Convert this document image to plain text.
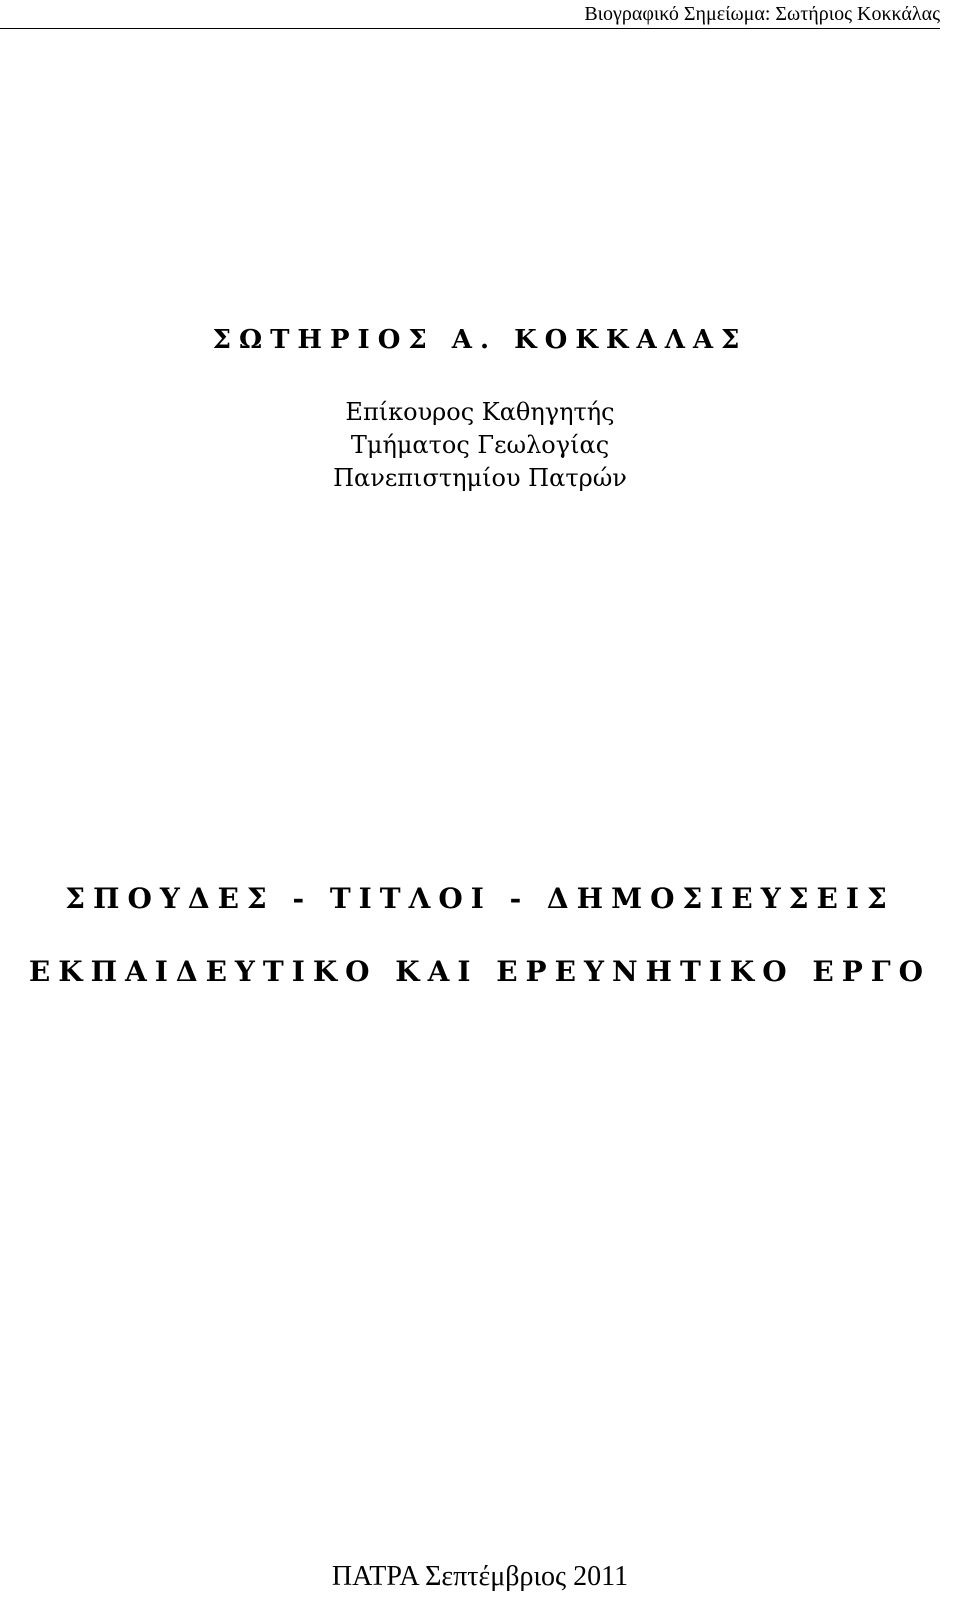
Βιογραφικό Σημείωμα: Σωτήριος Κοκκάλας
ΣΩΤΗΡΙΟΣ Α. ΚΟΚΚΑΛΑΣ
Επίκουρος Καθηγητής
Τμήματος Γεωλογίας
Πανεπιστημίου Πατρών
ΣΠΟΥΔΕΣ - ΤΙΤΛΟΙ - ΔΗΜΟΣΙΕΥΣΕΙΣ
ΕΚΠΑΙΔΕΥΤΙΚΟ ΚΑΙ ΕΡΕΥΝΗΤΙΚΟ ΕΡΓΟ
ΠΑΤΡΑ Σεπτέμβριος 2011
